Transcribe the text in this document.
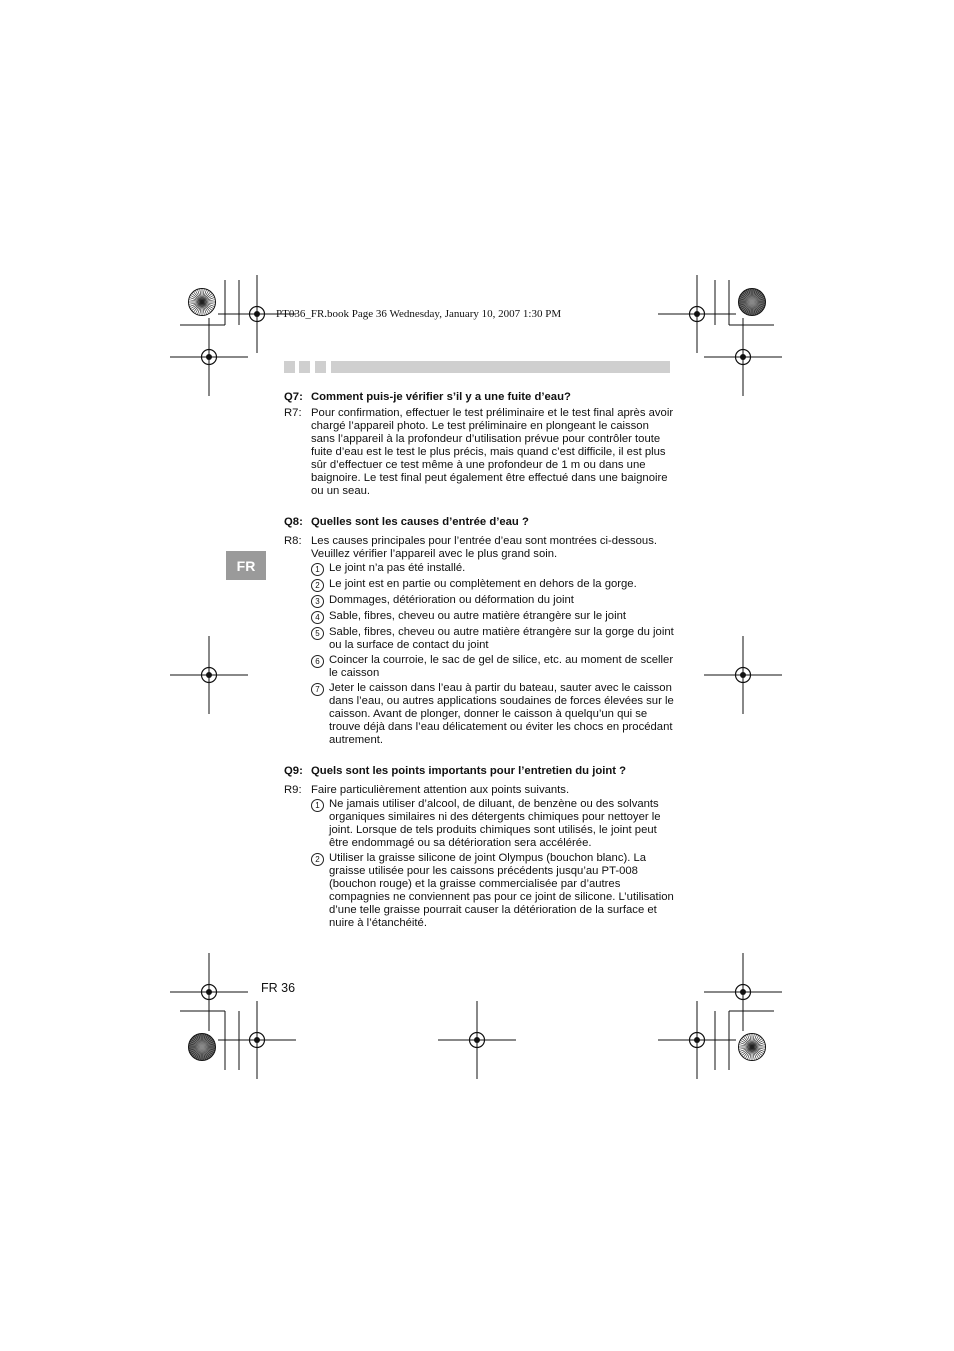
PT036_FR.book Page 36 Wednesday, January 10, 2007 1:30 PM
FR
Q7: Comment puis-je vérifier s’il y a une fuite d’eau?
R7: Pour confirmation, effectuer le test préliminaire et le test final après avoir chargé l’appareil photo. Le test préliminaire en plongeant le caisson sans l’appareil à la profondeur d’utilisation prévue pour contrôler toute fuite d’eau est le test le plus précis, mais quand c’est difficile, il est plus sûr d’effectuer ce test même à une profondeur de 1 m ou dans une baignoire. Le test final peut également être effectué dans une baignoire ou un seau.
Q8: Quelles sont les causes d’entrée d’eau ?
R8: Les causes principales pour l’entrée d’eau sont montrées ci-dessous. Veuillez vérifier l’appareil avec le plus grand soin.
1 Le joint n’a pas été installé.
2 Le joint est en partie ou complètement en dehors de la gorge.
3 Dommages, détérioration ou déformation du joint
4 Sable, fibres, cheveu ou autre matière étrangère sur le joint
5 Sable, fibres, cheveu ou autre matière étrangère sur la gorge du joint ou la surface de contact du joint
6 Coincer la courroie, le sac de gel de silice, etc. au moment de sceller le caisson
7 Jeter le caisson dans l’eau à partir du bateau, sauter avec le caisson dans l’eau, ou autres applications soudaines de forces élevées sur le caisson. Avant de plonger, donner le caisson à quelqu’un qui se trouve déjà dans l’eau délicatement ou éviter les chocs en procédant autrement.
Q9: Quels sont les points importants pour l’entretien du joint ?
R9: Faire particulièrement attention aux points suivants.
1 Ne jamais utiliser d’alcool, de diluant, de benzène ou des solvants organiques similaires ni des détergents chimiques pour nettoyer le joint. Lorsque de tels produits chimiques sont utilisés, le joint peut être endommagé ou sa détérioration sera accélérée.
2 Utiliser la graisse silicone de joint Olympus (bouchon blanc). La graisse utilisée pour les caissons précédents jusqu’au PT-008 (bouchon rouge) et la graisse commercialisée par d’autres compagnies ne conviennent pas pour ce joint de silicone. L’utilisation d’une telle graisse pourrait causer la détérioration de la surface et nuire à l’étanchéité.
FR 36
